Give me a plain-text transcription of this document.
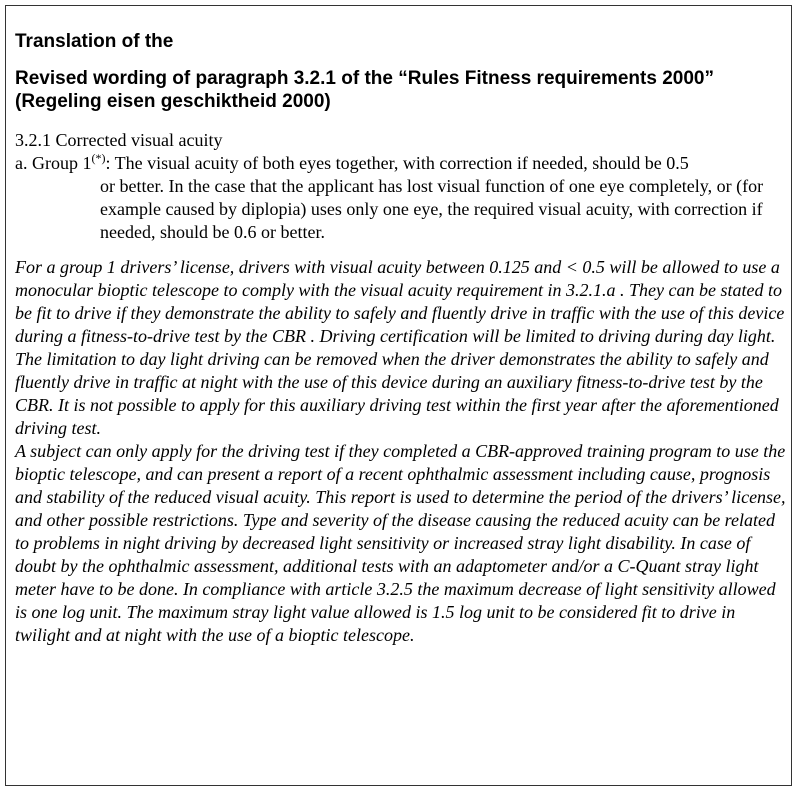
Translation of the
Revised wording of paragraph 3.2.1 of the “Rules Fitness requirements 2000” (Regeling eisen geschiktheid 2000)

3.2.1 Corrected visual acuity

a. Group 1(*): The visual acuity of both eyes together, with correction if needed, should be 0.5

or better. In the case that the applicant has lost visual function of one eye completely, or (for example caused by diplopia) uses only one eye, the required visual acuity, with correction if needed, should be 0.6 or better.

For a group 1 drivers’ license, drivers with visual acuity between 0.125 and < 0.5 will be allowed to use a monocular bioptic telescope to comply with the visual acuity requirement in 3.2.1.a . They can be stated to be fit to drive if they demonstrate the ability to safely and fluently drive in traffic with the use of this device during a fitness-to-drive test by the CBR . Driving certification will be limited to driving during day light.

The limitation to day light driving can be removed when the driver demonstrates the ability to safely and fluently drive in traffic at night with the use of this device during an auxiliary fitness-to-drive test by the CBR. It is not possible to apply for this auxiliary driving test within the first year after the aforementioned driving test.

A subject can only apply for the driving test if they completed a CBR-approved training program to use the bioptic telescope, and can present a report of a recent ophthalmic assessment including cause, prognosis and stability of the reduced visual acuity. This report is used to determine the period of the drivers’ license, and other possible restrictions. Type and severity of the disease causing the reduced acuity can be related to problems in night driving by decreased light sensitivity or increased stray light disability. In case of doubt by the ophthalmic assessment, additional tests with an adaptometer and/or a C-Quant stray light meter have to be done. In compliance with article 3.2.5 the maximum decrease of light sensitivity allowed is one log unit. The maximum stray light value allowed is 1.5 log unit to be considered fit to drive in twilight and at night with the use of a bioptic telescope.
